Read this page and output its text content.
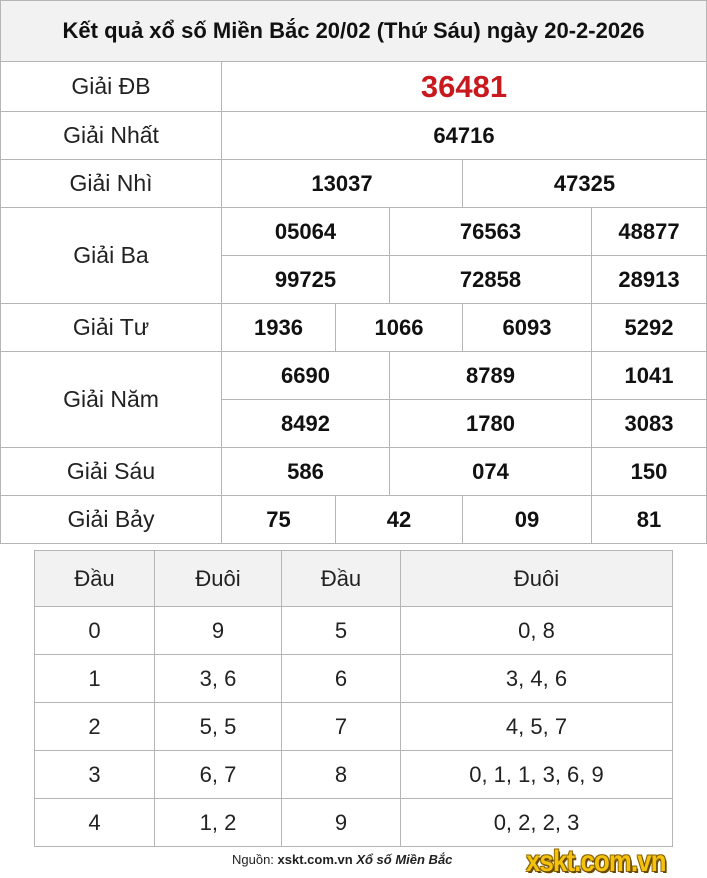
Kết quả xổ số Miền Bắc 20/02 (Thứ Sáu) ngày 20-2-2026					
Giải ĐB	36481				
Giải Nhất	64716				
Giải Nhì	13037			47325	
Giải Ba	05064		76563		48877
	99725		72858		28913
Giải Tư	1936	1066		6093	5292
Giải Năm	6690		8789		1041
	8492		1780		3083
Giải Sáu	586		074		150
Giải Bảy	75	42		09	81
Đầu	Đuôi	Đầu	Đuôi
0	9	5	0, 8
1	3, 6	6	3, 4, 6
2	5, 5	7	4, 5, 7
3	6, 7	8	0, 1, 1, 3, 6, 9
4	1, 2	9	0, 2, 2, 3
Nguồn: xskt.com.vn Xổ số Miền Bắc xskt.com.vn
